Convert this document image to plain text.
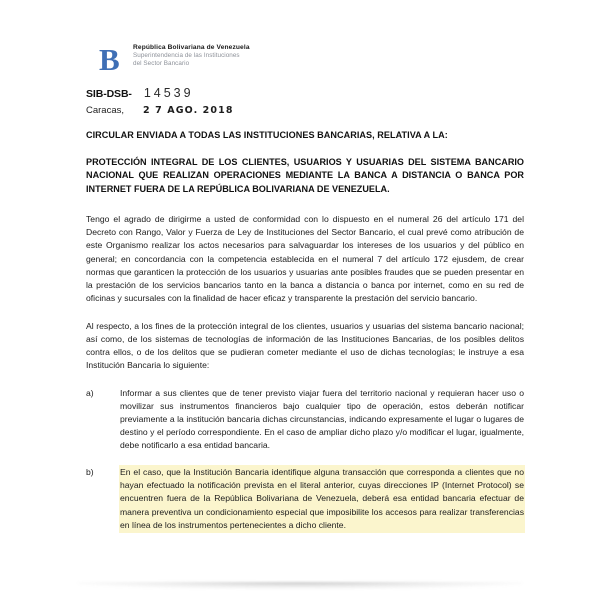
B República Bolivariana de Venezuela
Superintendencia de las Instituciones
del Sector Bancario
SIB-DSB- 14539
Caracas, 2 7 AGO. 2018
CIRCULAR ENVIADA A TODAS LAS INSTITUCIONES BANCARIAS, RELATIVA A LA:
PROTECCIÓN INTEGRAL DE LOS CLIENTES, USUARIOS Y USUARIAS DEL SISTEMA BANCARIO NACIONAL QUE REALIZAN OPERACIONES MEDIANTE LA BANCA A DISTANCIA O BANCA POR INTERNET FUERA DE LA REPÚBLICA BOLIVARIANA DE VENEZUELA.

Tengo el agrado de dirigirme a usted de conformidad con lo dispuesto en el numeral 26 del artículo 171 del Decreto con Rango, Valor y Fuerza de Ley de Instituciones del Sector Bancario, el cual prevé como atribución de este Organismo realizar los actos necesarios para salvaguardar los intereses de los usuarios y del público en general; en concordancia con la competencia establecida en el numeral 7 del artículo 172 ejusdem, de crear normas que garanticen la protección de los usuarios y usuarias ante posibles fraudes que se pueden presentar en la prestación de los servicios bancarios tanto en la banca a distancia o banca por internet, como en su red de oficinas y sucursales con la finalidad de hacer eficaz y transparente la prestación del servicio bancario.

Al respecto, a los fines de la protección integral de los clientes, usuarios y usuarias del sistema bancario nacional; así como, de los sistemas de tecnologías de información de las Instituciones Bancarias, de los posibles delitos contra ellos, o de los delitos que se pudieran cometer mediante el uso de dichas tecnologías; le instruye a esa Institución Bancaria lo siguiente:

a)	Informar a sus clientes que de tener previsto viajar fuera del territorio nacional y requieran hacer uso o movilizar sus instrumentos financieros bajo cualquier tipo de operación, estos deberán notificar previamente a la institución bancaria dichas circunstancias, indicando expresamente el lugar o lugares de destino y el período correspondiente. En el caso de ampliar dicho plazo y/o modificar el lugar, igualmente, debe notificarlo a esa entidad bancaria.
b)	En el caso, que la Institución Bancaria identifique alguna transacción que corresponda a clientes que no hayan efectuado la notificación prevista en el literal anterior, cuyas direcciones IP (Internet Protocol) se encuentren fuera de la República Bolivariana de Venezuela, deberá esa entidad bancaria efectuar de manera preventiva un condicionamiento especial que imposibilite los accesos para realizar transferencias en línea de los instrumentos pertenecientes a dicho cliente.
